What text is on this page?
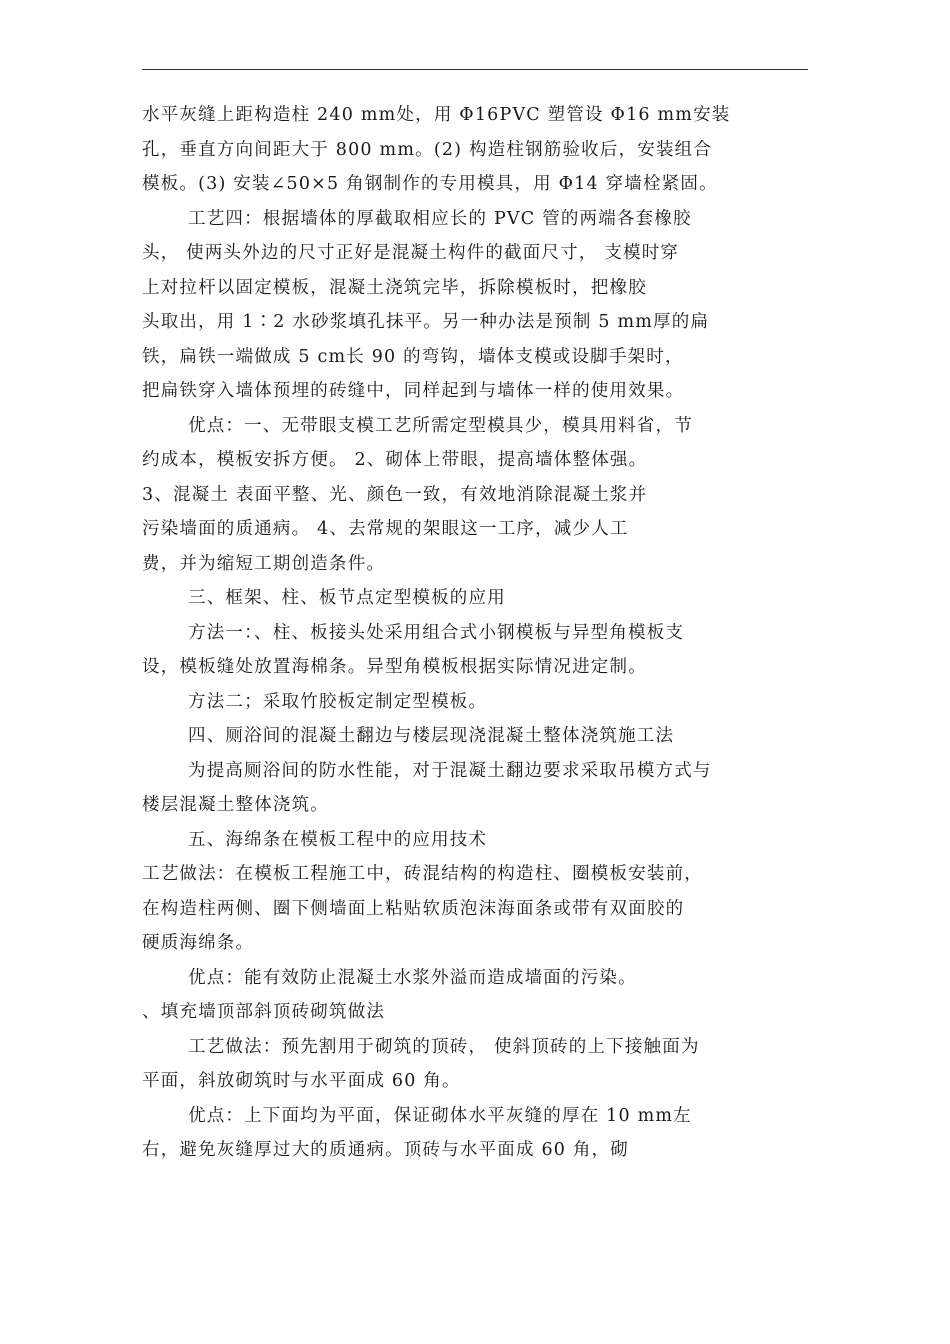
水平灰缝上距构造柱 240 mm处，用 Φ16PVC 塑管设 Φ16 mm安装
孔，垂直方向间距大于 800 mm。(2) 构造柱钢筋验收后，安装组合
模板。(3) 安装∠50×5 角钢制作的专用模具，用 Φ14 穿墙栓紧固。
工艺四：根据墙体的厚截取相应长的 PVC 管的两端各套橡胶
头， 使两头外边的尺寸正好是混凝土构件的截面尺寸， 支模时穿
上对拉杆以固定模板，混凝土浇筑完毕，拆除模板时，把橡胶
头取出，用 1∶2 水砂浆填孔抹平。另一种办法是预制 5 mm厚的扁
铁，扁铁一端做成 5 cm长 90 的弯钩，墙体支模或设脚手架时，
把扁铁穿入墙体预埋的砖缝中，同样起到与墙体一样的使用效果。
优点：一、无带眼支模工艺所需定型模具少，模具用料省，节
约成本，模板安拆方便。 2、砌体上带眼，提高墙体整体强。
3、混凝土 表面平整、光、颜色一致，有效地消除混凝土浆并
污染墙面的质通病。 4、去常规的架眼这一工序，减少人工
费，并为缩短工期创造条件。
三、框架、柱、板节点定型模板的应用
方法一：、柱、板接头处采用组合式小钢模板与异型角模板支
设，模板缝处放置海棉条。异型角模板根据实际情况进定制。
方法二；采取竹胶板定制定型模板。
四、厕浴间的混凝土翻边与楼层现浇混凝土整体浇筑施工法
为提高厕浴间的防水性能，对于混凝土翻边要求采取吊模方式与
楼层混凝土整体浇筑。
五、海绵条在模板工程中的应用技术
工艺做法：在模板工程施工中，砖混结构的构造柱、圈模板安装前，
在构造柱两侧、圈下侧墙面上粘贴软质泡沫海面条或带有双面胶的
硬质海绵条。
优点：能有效防止混凝土水浆外溢而造成墙面的污染。
、填充墙顶部斜顶砖砌筑做法
工艺做法：预先割用于砌筑的顶砖， 使斜顶砖的上下接触面为
平面，斜放砌筑时与水平面成 60 角。
优点：上下面均为平面，保证砌体水平灰缝的厚在 10 mm左
右，避免灰缝厚过大的质通病。顶砖与水平面成 60 角，砌
